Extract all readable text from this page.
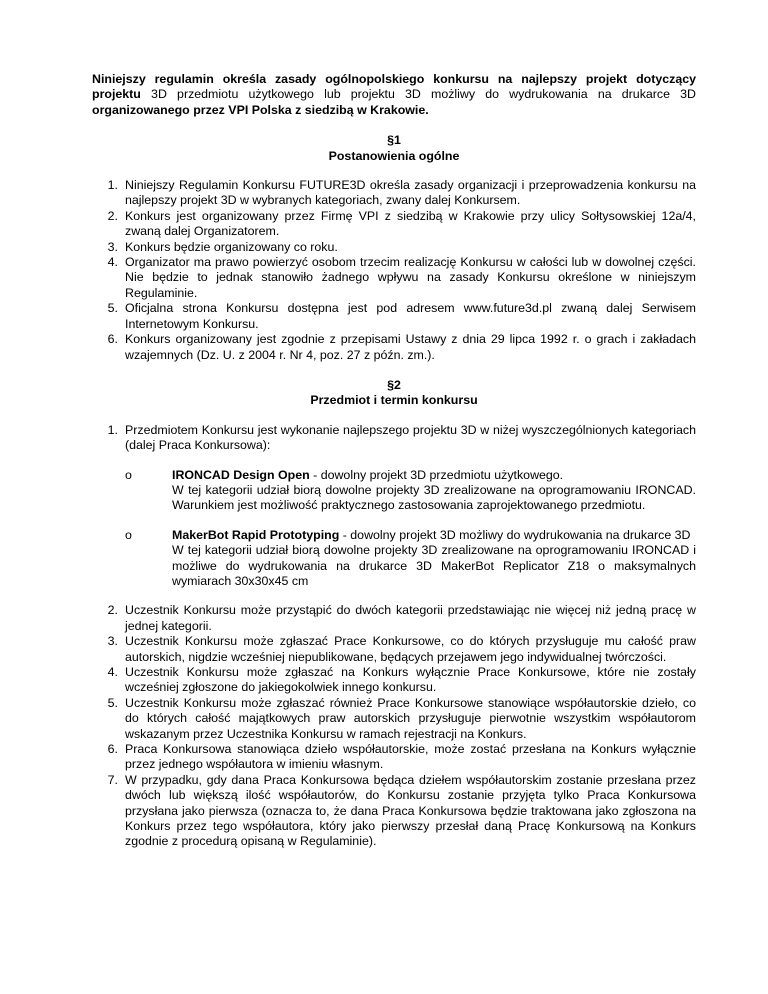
Niniejszy regulamin określa zasady ogólnopolskiego konkursu na najlepszy projekt dotyczący projektu 3D przedmiotu użytkowego lub projektu 3D możliwy do wydrukowania na drukarce 3D organizowanego przez VPI Polska z siedzibą w Krakowie.

§1
Postanowienia ogólne
1. Niniejszy Regulamin Konkursu FUTURE3D określa zasady organizacji i przeprowadzenia konkursu na najlepszy projekt 3D w wybranych kategoriach, zwany dalej Konkursem.
2. Konkurs jest organizowany przez Firmę VPI z siedzibą w Krakowie przy ulicy Sołtysowskiej 12a/4, zwaną dalej Organizatorem.
3. Konkurs będzie organizowany co roku.
4. Organizator ma prawo powierzyć osobom trzecim realizację Konkursu w całości lub w dowolnej części. Nie będzie to jednak stanowiło żadnego wpływu na zasady Konkursu określone w niniejszym Regulaminie.
5. Oficjalna strona Konkursu dostępna jest pod adresem www.future3d.pl zwaną dalej Serwisem Internetowym Konkursu.
6. Konkurs organizowany jest zgodnie z przepisami Ustawy z dnia 29 lipca 1992 r. o grach i zakładach wzajemnych (Dz. U. z 2004 r. Nr 4, poz. 27 z późn. zm.).
§2
Przedmiot i termin konkursu
1. Przedmiotem Konkursu jest wykonanie najlepszego projektu 3D w niżej wyszczególnionych kategoriach (dalej Praca Konkursowa):
o	IRONCAD Design Open - dowolny projekt 3D przedmiotu użytkowego.
W tej kategorii udział biorą dowolne projekty 3D zrealizowane na oprogramowaniu IRONCAD. Warunkiem jest możliwość praktycznego zastosowania zaprojektowanego przedmiotu.
o	MakerBot Rapid Prototyping - dowolny projekt 3D możliwy do wydrukowania na drukarce 3D
W tej kategorii udział biorą dowolne projekty 3D zrealizowane na oprogramowaniu IRONCAD i możliwe do wydrukowania na drukarce 3D MakerBot Replicator Z18 o maksymalnych wymiarach 30x30x45 cm
2. Uczestnik Konkursu może przystąpić do dwóch kategorii przedstawiając nie więcej niż jedną pracę w jednej kategorii.
3. Uczestnik Konkursu może zgłaszać Prace Konkursowe, co do których przysługuje mu całość praw autorskich, nigdzie wcześniej niepublikowane, będących przejawem jego indywidualnej twórczości.
4. Uczestnik Konkursu może zgłaszać na Konkurs wyłącznie Prace Konkursowe, które nie zostały wcześniej zgłoszone do jakiegokolwiek innego konkursu.
5. Uczestnik Konkursu może zgłaszać również Prace Konkursowe stanowiące współautorskie dzieło, co do których całość majątkowych praw autorskich przysługuje pierwotnie wszystkim współautorom wskazanym przez Uczestnika Konkursu w ramach rejestracji na Konkurs.
6. Praca Konkursowa stanowiąca dzieło współautorskie, może zostać przesłana na Konkurs wyłącznie przez jednego współautora w imieniu własnym.
7. W przypadku, gdy dana Praca Konkursowa będąca dziełem współautorskim zostanie przesłana przez dwóch lub większą ilość współautorów, do Konkursu zostanie przyjęta tylko Praca Konkursowa przysłana jako pierwsza (oznacza to, że dana Praca Konkursowa będzie traktowana jako zgłoszona na Konkurs przez tego współautora, który jako pierwszy przesłał daną Pracę Konkursową na Konkurs zgodnie z procedurą opisaną w Regulaminie).
